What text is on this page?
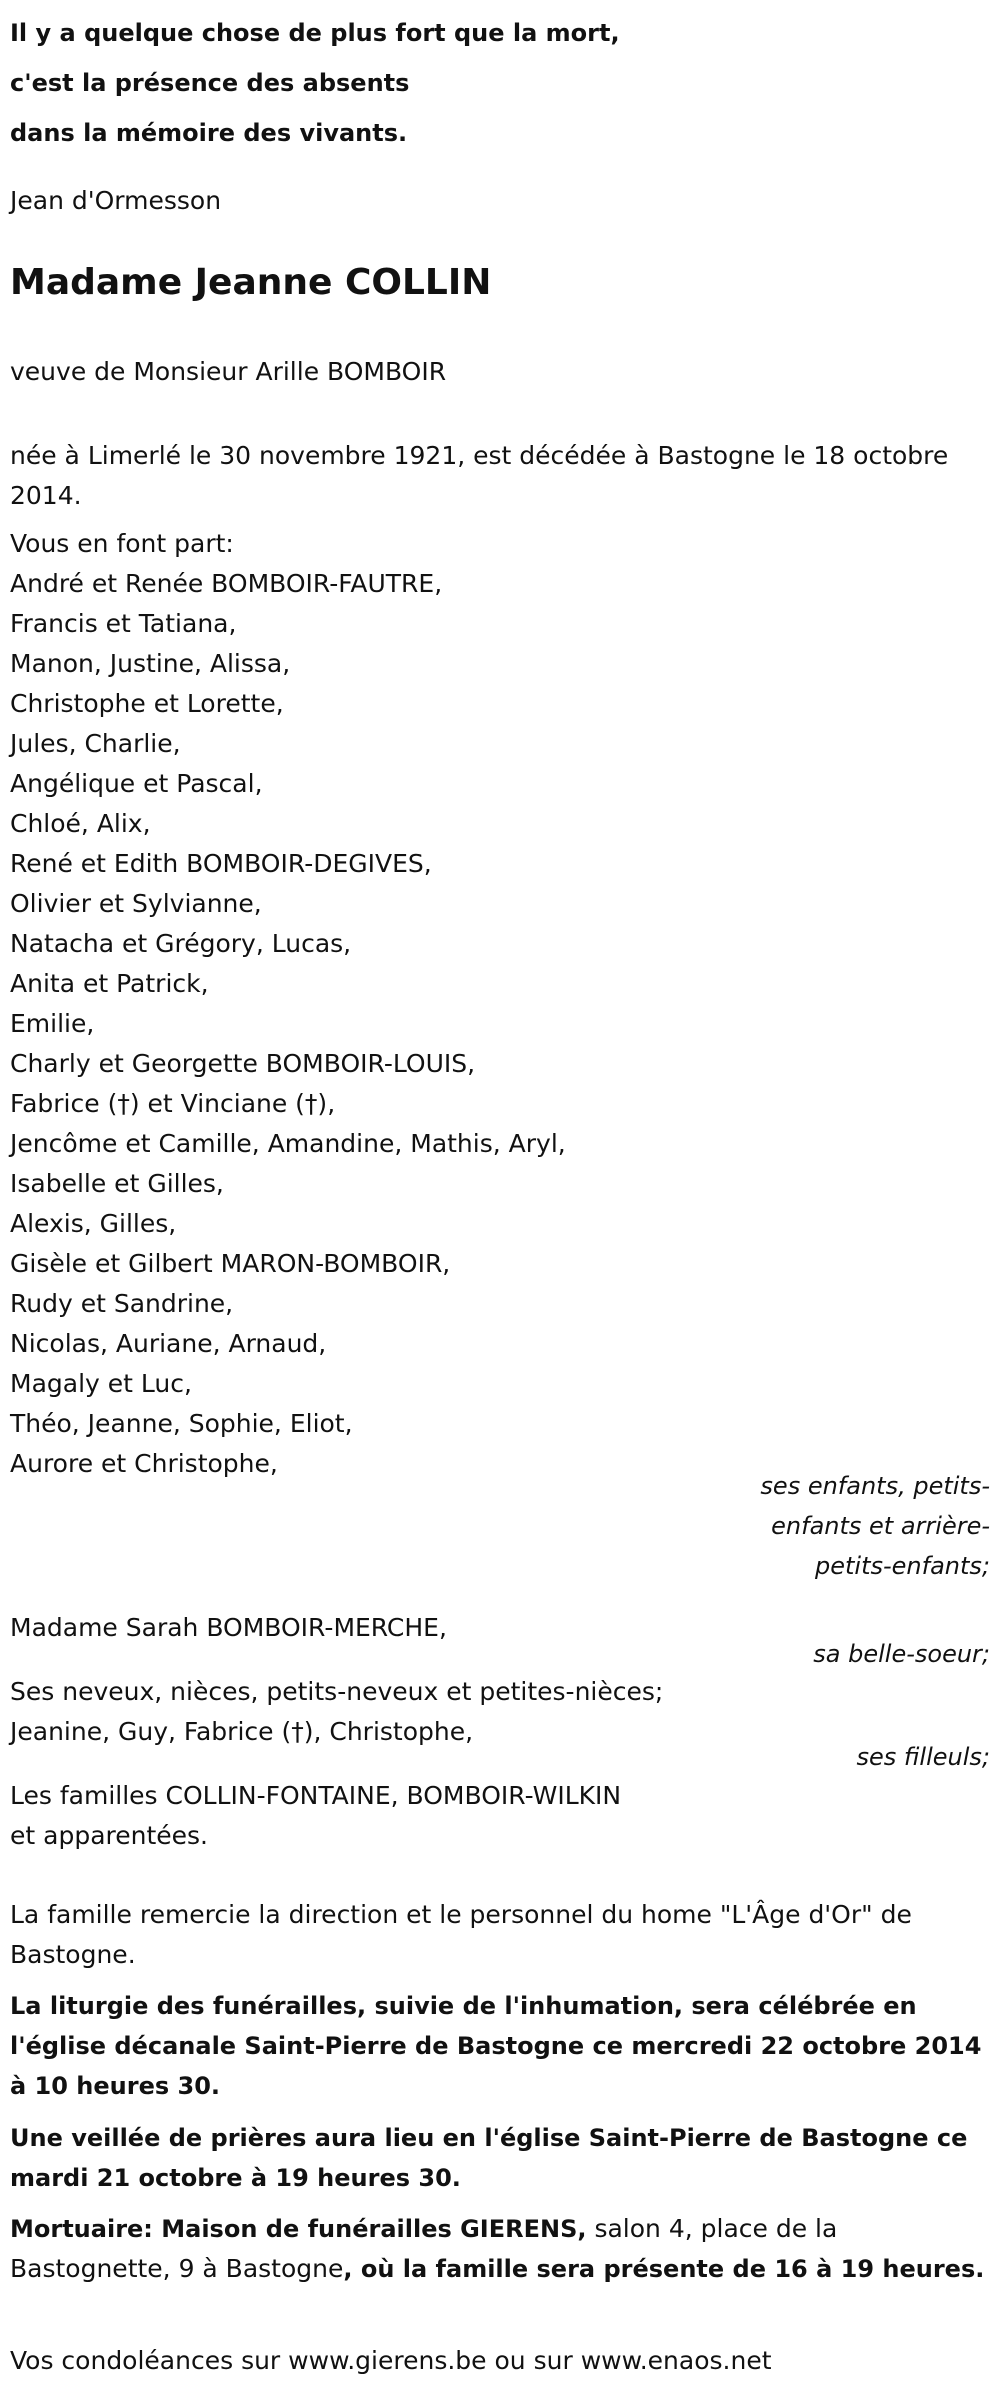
Il y a quelque chose de plus fort que la mort,
c'est la présence des absents
dans la mémoire des vivants.
Jean d'Ormesson
Madame Jeanne COLLIN
veuve de Monsieur Arille BOMBOIR
née à Limerlé le 30 novembre 1921, est décédée à Bastogne le 18 octobre 2014.
Vous en font part:
André et Renée BOMBOIR-FAUTRE,
Francis et Tatiana,
Manon, Justine, Alissa,
Christophe et Lorette,
Jules, Charlie,
Angélique et Pascal,
Chloé, Alix,
René et Edith BOMBOIR-DEGIVES,
Olivier et Sylvianne,
Natacha et Grégory, Lucas,
Anita et Patrick,
Emilie,
Charly et Georgette BOMBOIR-LOUIS,
Fabrice (†) et Vinciane (†),
Jencôme et Camille, Amandine, Mathis, Aryl,
Isabelle et Gilles,
Alexis, Gilles,
Gisèle et Gilbert MARON-BOMBOIR,
Rudy et Sandrine,
Nicolas, Auriane, Arnaud,
Magaly et Luc,
Théo, Jeanne, Sophie, Eliot,
Aurore et Christophe,
ses enfants, petits-enfants et arrière-petits-enfants;
Madame Sarah BOMBOIR-MERCHE,
sa belle-soeur;
Ses neveux, nièces, petits-neveux et petites-nièces;
Jeanine, Guy, Fabrice (†), Christophe,
ses filleuls;
Les familles COLLIN-FONTAINE, BOMBOIR-WILKIN
et apparentées.
La famille remercie la direction et le personnel du home "L'Âge d'Or" de Bastogne.
La liturgie des funérailles, suivie de l'inhumation, sera célébrée en l'église décanale Saint-Pierre de Bastogne ce mercredi 22 octobre 2014 à 10 heures 30.
Une veillée de prières aura lieu en l'église Saint-Pierre de Bastogne ce mardi 21 octobre à 19 heures 30.
Mortuaire: Maison de funérailles GIERENS, salon 4, place de la Bastognette, 9 à Bastogne, où la famille sera présente de 16 à 19 heures.
Vos condoléances sur www.gierens.be ou sur www.enaos.net
